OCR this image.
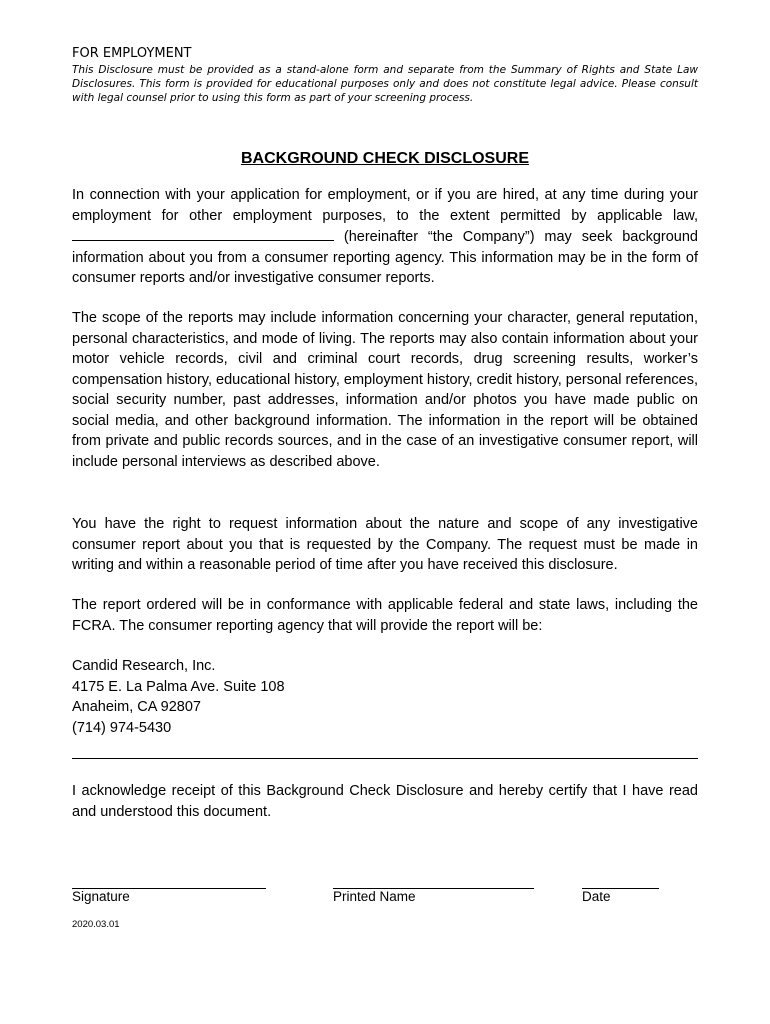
FOR EMPLOYMENT
This Disclosure must be provided as a stand-alone form and separate from the Summary of Rights and State Law Disclosures. This form is provided for educational purposes only and does not constitute legal advice. Please consult with legal counsel prior to using this form as part of your screening process.
BACKGROUND CHECK DISCLOSURE

In connection with your application for employment, or if you are hired, at any time during your employment for other employment purposes, to the extent permitted by applicable law,  (hereinafter “the Company”) may seek background information about you from a consumer reporting agency. This information may be in the form of consumer reports and/or investigative consumer reports.

The scope of the reports may include information concerning your character, general reputation, personal characteristics, and mode of living. The reports may also contain information about your motor vehicle records, civil and criminal court records, drug screening results, worker’s compensation history, educational history, employment history, credit history, personal references, social security number, past addresses, information and/or photos you have made public on social media, and other background information. The information in the report will be obtained from private and public records sources, and in the case of an investigative consumer report, will include personal interviews as described above.

You have the right to request information about the nature and scope of any investigative consumer report about you that is requested by the Company. The request must be made in writing and within a reasonable period of time after you have received this disclosure.

The report ordered will be in conformance with applicable federal and state laws, including the FCRA. The consumer reporting agency that will provide the report will be:

Candid Research, Inc.
4175 E. La Palma Ave. Suite 108
Anaheim, CA 92807
(714) 974-5430

I acknowledge receipt of this Background Check Disclosure and hereby certify that I have read and understood this document.

Signature	Printed Name	Date
2020.03.01
